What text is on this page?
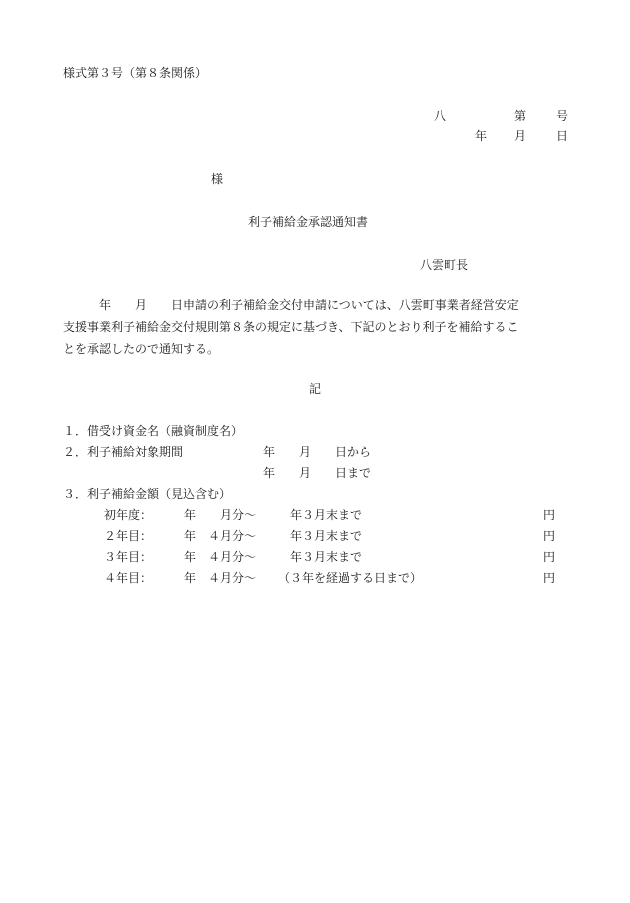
様式第３号（第８条関係）
八	第 号
年 月 日
様
利子補給金承認通知書
八雲町長
　　　年　　月　　日申請の利子補給金交付申請については、八雲町事業者経営安定
支援事業利子補給金交付規則第８条の規定に基づき、下記のとおり利子を補給するこ
とを承認したので通知する。
記
１．借受け資金名（融資制度名）
２．利子補給対象期間	年　　月　　日から
年　　月　　日まで
３．利子補給金額（見込含む）
初年度：	年　　月分～	年３月末まで	円
２年目：	年　４月分～	年３月末まで	円
３年目：	年　４月分～	年３月末まで	円
４年目：	年　４月分～ （３年を経過する日まで）	円
